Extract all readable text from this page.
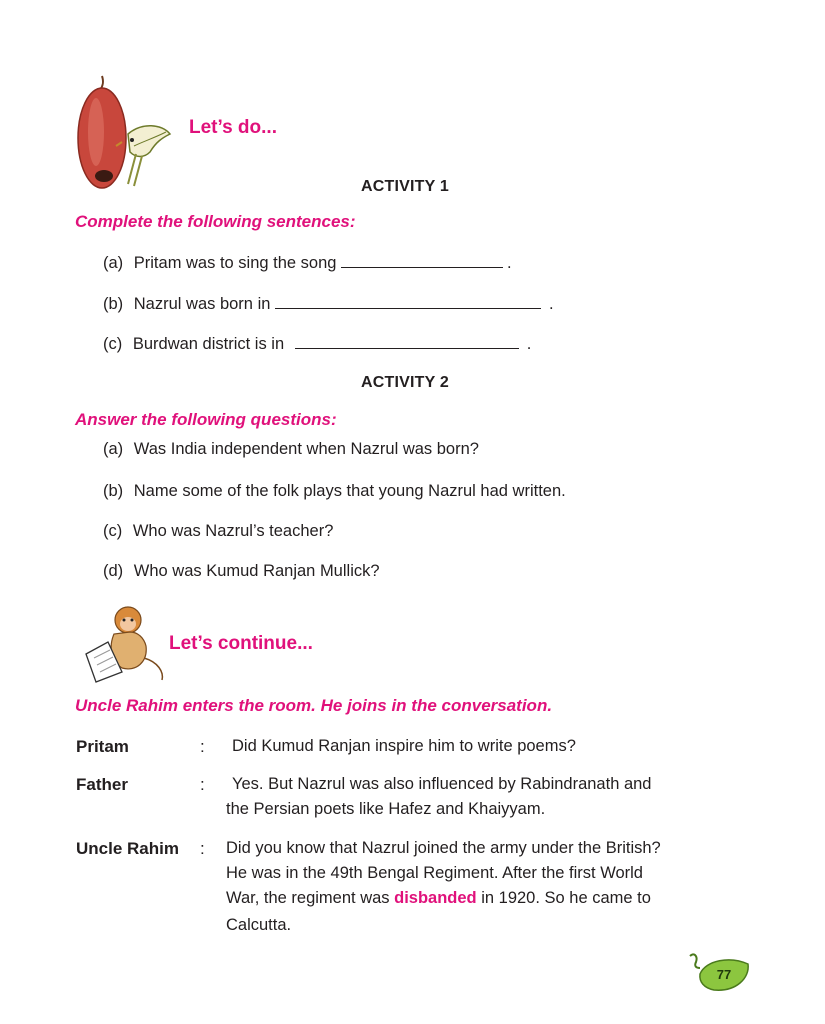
Let’s do...
ACTIVITY 1
Complete the following sentences:
(a) Pritam was to sing the song	.
(b) Nazrul was born in	.
(c) Burdwan district is in	.
ACTIVITY 2
Answer the following questions:
(a) Was India independent when Nazrul was born?
(b) Name some of the folk plays that young Nazrul had written.
(c) Who was Nazrul’s teacher?
(d) Who was Kumud Ranjan Mullick?
Let’s continue...
Uncle Rahim enters the room. He joins in the conversation.
Pritam	: Did Kumud Ranjan inspire him to write poems?
Father	: Yes. But Nazrul was also influenced by Rabindranath and
the Persian poets like Hafez and Khaiyyam.
Uncle Rahim : Did you know that Nazrul joined the army under the British?
He was in the 49th Bengal Regiment. After the first World
War, the regiment was disbanded in 1920. So he came to
Calcutta.
77
